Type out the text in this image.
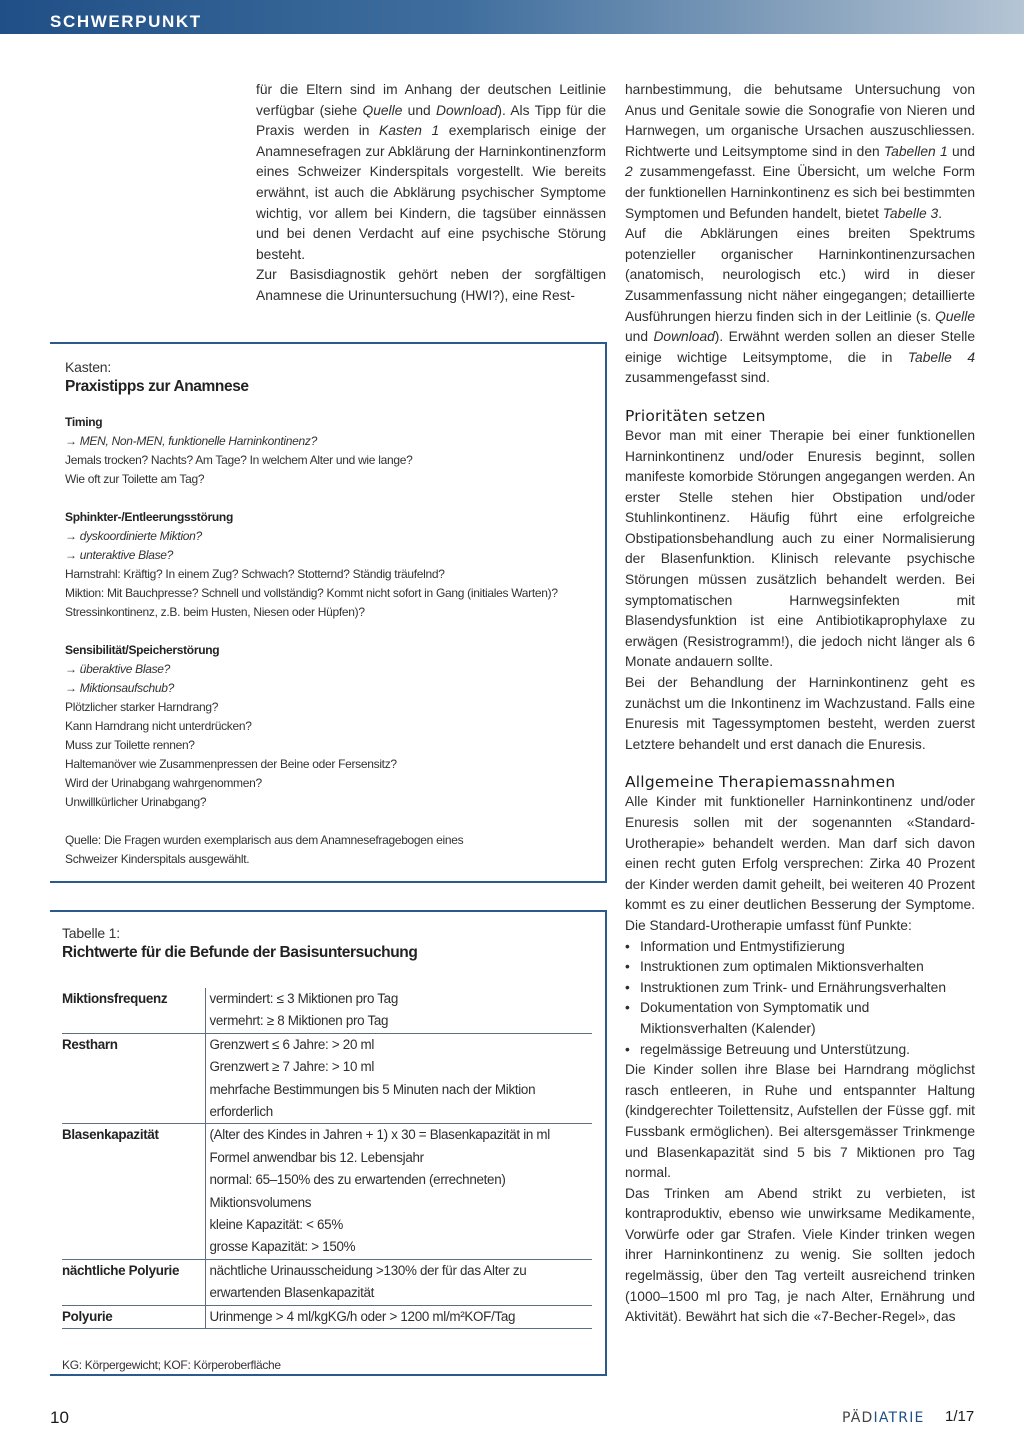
SCHWERPUNKT

für die Eltern sind im Anhang der deutschen Leitlinie verfügbar (siehe Quelle und Download). Als Tipp für die Praxis werden in Kasten 1 exemplarisch einige der Anamnesefragen zur Abklärung der Harninkontinenzform eines Schweizer Kinderspitals vorgestellt. Wie bereits erwähnt, ist auch die Abklärung psychischer Symptome wichtig, vor allem bei Kindern, die tagsüber einnässen und bei denen Verdacht auf eine psychische Störung besteht.

Zur Basisdiagnostik gehört neben der sorgfältigen Anamnese die Urinuntersuchung (HWI?), eine Rest-

harnbestimmung, die behutsame Untersuchung von Anus und Genitale sowie die Sonografie von Nieren und Harnwegen, um organische Ursachen auszuschliessen. Richtwerte und Leitsymptome sind in den Tabellen 1 und 2 zusammengefasst. Eine Übersicht, um welche Form der funktionellen Harninkontinenz es sich bei bestimmten Symptomen und Befunden handelt, bietet Tabelle 3.

Auf die Abklärungen eines breiten Spektrums potenzieller organischer Harninkontinenzursachen (anatomisch, neurologisch etc.) wird in dieser Zusammenfassung nicht näher eingegangen; detaillierte Ausführungen hierzu finden sich in der Leitlinie (s. Quelle und Download). Erwähnt werden sollen an dieser Stelle einige wichtige Leitsymptome, die in Tabelle 4 zusammengefasst sind.

Prioritäten setzen

Bevor man mit einer Therapie bei einer funktionellen Harninkontinenz und/oder Enuresis beginnt, sollen manifeste komorbide Störungen angegangen werden. An erster Stelle stehen hier Obstipation und/oder Stuhlinkontinenz. Häufig führt eine erfolgreiche Obstipationsbehandlung auch zu einer Normalisierung der Blasenfunktion. Klinisch relevante psychische Störungen müssen zusätzlich behandelt werden. Bei symptomatischen Harnwegsinfekten mit Blasendysfunktion ist eine Antibiotikaprophylaxe zu erwägen (Resistrogramm!), die jedoch nicht länger als 6 Monate andauern sollte.

Bei der Behandlung der Harninkontinenz geht es zunächst um die Inkontinenz im Wachzustand. Falls eine Enuresis mit Tagessymptomen besteht, werden zuerst Letztere behandelt und erst danach die Enuresis.

Allgemeine Therapiemassnahmen

Alle Kinder mit funktioneller Harninkontinenz und/oder Enuresis sollen mit der sogenannten «Standard-Urotherapie» behandelt werden. Man darf sich davon einen recht guten Erfolg versprechen: Zirka 40 Prozent der Kinder werden damit geheilt, bei weiteren 40 Prozent kommt es zu einer deutlichen Besserung der Symptome. Die Standard-Urotherapie umfasst fünf Punkte:

• Information und Entmystifizierung
• Instruktionen zum optimalen Miktionsverhalten
• Instruktionen zum Trink- und Ernährungsverhalten
• Dokumentation von Symptomatik und Miktionsverhalten (Kalender)
• regelmässige Betreuung und Unterstützung.

Die Kinder sollen ihre Blase bei Harndrang möglichst rasch entleeren, in Ruhe und entspannter Haltung (kindgerechter Toilettensitz, Aufstellen der Füsse ggf. mit Fussbank ermöglichen). Bei altersgemässer Trinkmenge und Blasenkapazität sind 5 bis 7 Miktionen pro Tag normal.

Das Trinken am Abend strikt zu verbieten, ist kontraproduktiv, ebenso wie unwirksame Medikamente, Vorwürfe oder gar Strafen. Viele Kinder trinken wegen ihrer Harninkontinenz zu wenig. Sie sollten jedoch regelmässig, über den Tag verteilt ausreichend trinken (1000–1500 ml pro Tag, je nach Alter, Ernährung und Aktivität). Bewährt hat sich die «7-Becher-Regel», das

Kasten:
Praxistipps zur Anamnese
Timing
→ MEN, Non-MEN, funktionelle Harninkontinenz?
Jemals trocken? Nachts? Am Tage? In welchem Alter und wie lange?
Wie oft zur Toilette am Tag?
Sphinkter-/Entleerungsstörung
→ dyskoordinierte Miktion?
→ unteraktive Blase?
Harnstrahl: Kräftig? In einem Zug? Schwach? Stotternd? Ständig träufelnd?
Miktion: Mit Bauchpresse? Schnell und vollständig? Kommt nicht sofort in Gang (initiales Warten)?
Stressinkontinenz, z.B. beim Husten, Niesen oder Hüpfen)?
Sensibilität/Speicherstörung
→ überaktive Blase?
→ Miktionsaufschub?
Plötzlicher starker Harndrang?
Kann Harndrang nicht unterdrücken?
Muss zur Toilette rennen?
Haltemanöver wie Zusammenpressen der Beine oder Fersensitz?
Wird der Urinabgang wahrgenommen?
Unwillkürlicher Urinabgang?
Quelle: Die Fragen wurden exemplarisch aus dem Anamnesefragebogen eines
Schweizer Kinderspitals ausgewählt.
Tabelle 1:
Richtwerte für die Befunde der Basisuntersuchung
Miktionsfrequenz	vermindert: ≤ 3 Miktionen pro Tag
vermehrt: ≥ 8 Miktionen pro Tag

Restharn	Grenzwert ≤ 6 Jahre: > 20 ml
Grenzwert ≥ 7 Jahre: > 10 ml
mehrfache Bestimmungen bis 5 Minuten nach der Miktion erforderlich

Blasenkapazität	(Alter des Kindes in Jahren + 1) x 30 = Blasenkapazität in ml
Formel anwendbar bis 12. Lebensjahr
normal: 65–150% des zu erwartenden (errechneten) Miktionsvolumens
kleine Kapazität: < 65%
grosse Kapazität: > 150%

nächtliche Polyurie	nächtliche Urinausscheidung >130% der für das Alter zu erwartenden Blasenkapazität

Polyurie	Urinmenge > 4 ml/kgKG/h oder > 1200 ml/m²KOF/Tag
KG: Körpergewicht; KOF: Körperoberfläche
10	PÄDIATRIE 1/17
